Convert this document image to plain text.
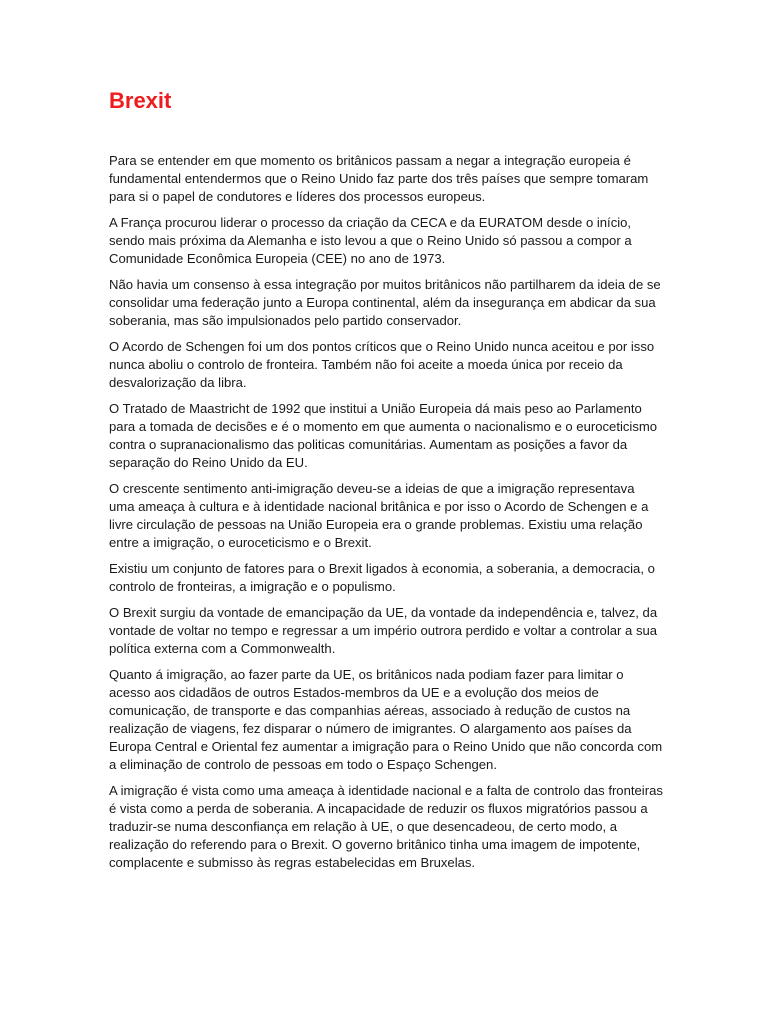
Brexit

Para se entender em que momento os britânicos passam a negar a integração europeia é fundamental entendermos que o Reino Unido faz parte dos três países que sempre tomaram para si o papel de condutores e líderes dos processos europeus.

A França procurou liderar o processo da criação da CECA e da EURATOM desde o início, sendo mais próxima da Alemanha e isto levou a que o Reino Unido só passou a compor a Comunidade Econômica Europeia (CEE) no ano de 1973.

Não havia um consenso à essa integração por muitos britânicos não partilharem da ideia de se consolidar uma federação junto a Europa continental, além da insegurança em abdicar da sua soberania, mas são impulsionados pelo partido conservador.

O Acordo de Schengen foi um dos pontos críticos que o Reino Unido nunca aceitou e por isso nunca aboliu o controlo de fronteira. Também não foi aceite a moeda única por receio da desvalorização da libra.

O Tratado de Maastricht de 1992 que institui a União Europeia dá mais peso ao Parlamento para a tomada de decisões e é o momento em que aumenta o nacionalismo e o euroceticismo contra o supranacionalismo das politicas comunitárias. Aumentam as posições a favor da separação do Reino Unido da EU.

O crescente sentimento anti-imigração deveu-se a ideias de que a imigração representava uma ameaça à cultura e à identidade nacional britânica e por isso o Acordo de Schengen e a livre circulação de pessoas na União Europeia era o grande problemas. Existiu uma relação entre a imigração, o euroceticismo e o Brexit.

Existiu um conjunto de fatores para o Brexit ligados à economia, a soberania, a democracia, o controlo de fronteiras, a imigração e o populismo.

O Brexit surgiu da vontade de emancipação da UE, da vontade da independência e, talvez, da vontade de voltar no tempo e regressar a um império outrora perdido e voltar a controlar a sua política externa com a Commonwealth.

Quanto á imigração, ao fazer parte da UE, os britânicos nada podiam fazer para limitar o acesso aos cidadãos de outros Estados-membros da UE e a evolução dos meios de comunicação, de transporte e das companhias aéreas, associado à redução de custos na realização de viagens, fez disparar o número de imigrantes. O alargamento aos países da Europa Central e Oriental fez aumentar a imigração para o Reino Unido que não concorda com a eliminação de controlo de pessoas em todo o Espaço Schengen.

A imigração é vista como uma ameaça à identidade nacional e a falta de controlo das fronteiras é vista como a perda de soberania. A incapacidade de reduzir os fluxos migratórios passou a traduzir-se numa desconfiança em relação à UE, o que desencadeou, de certo modo, a realização do referendo para o Brexit. O governo britânico tinha uma imagem de impotente, complacente e submisso às regras estabelecidas em Bruxelas.
